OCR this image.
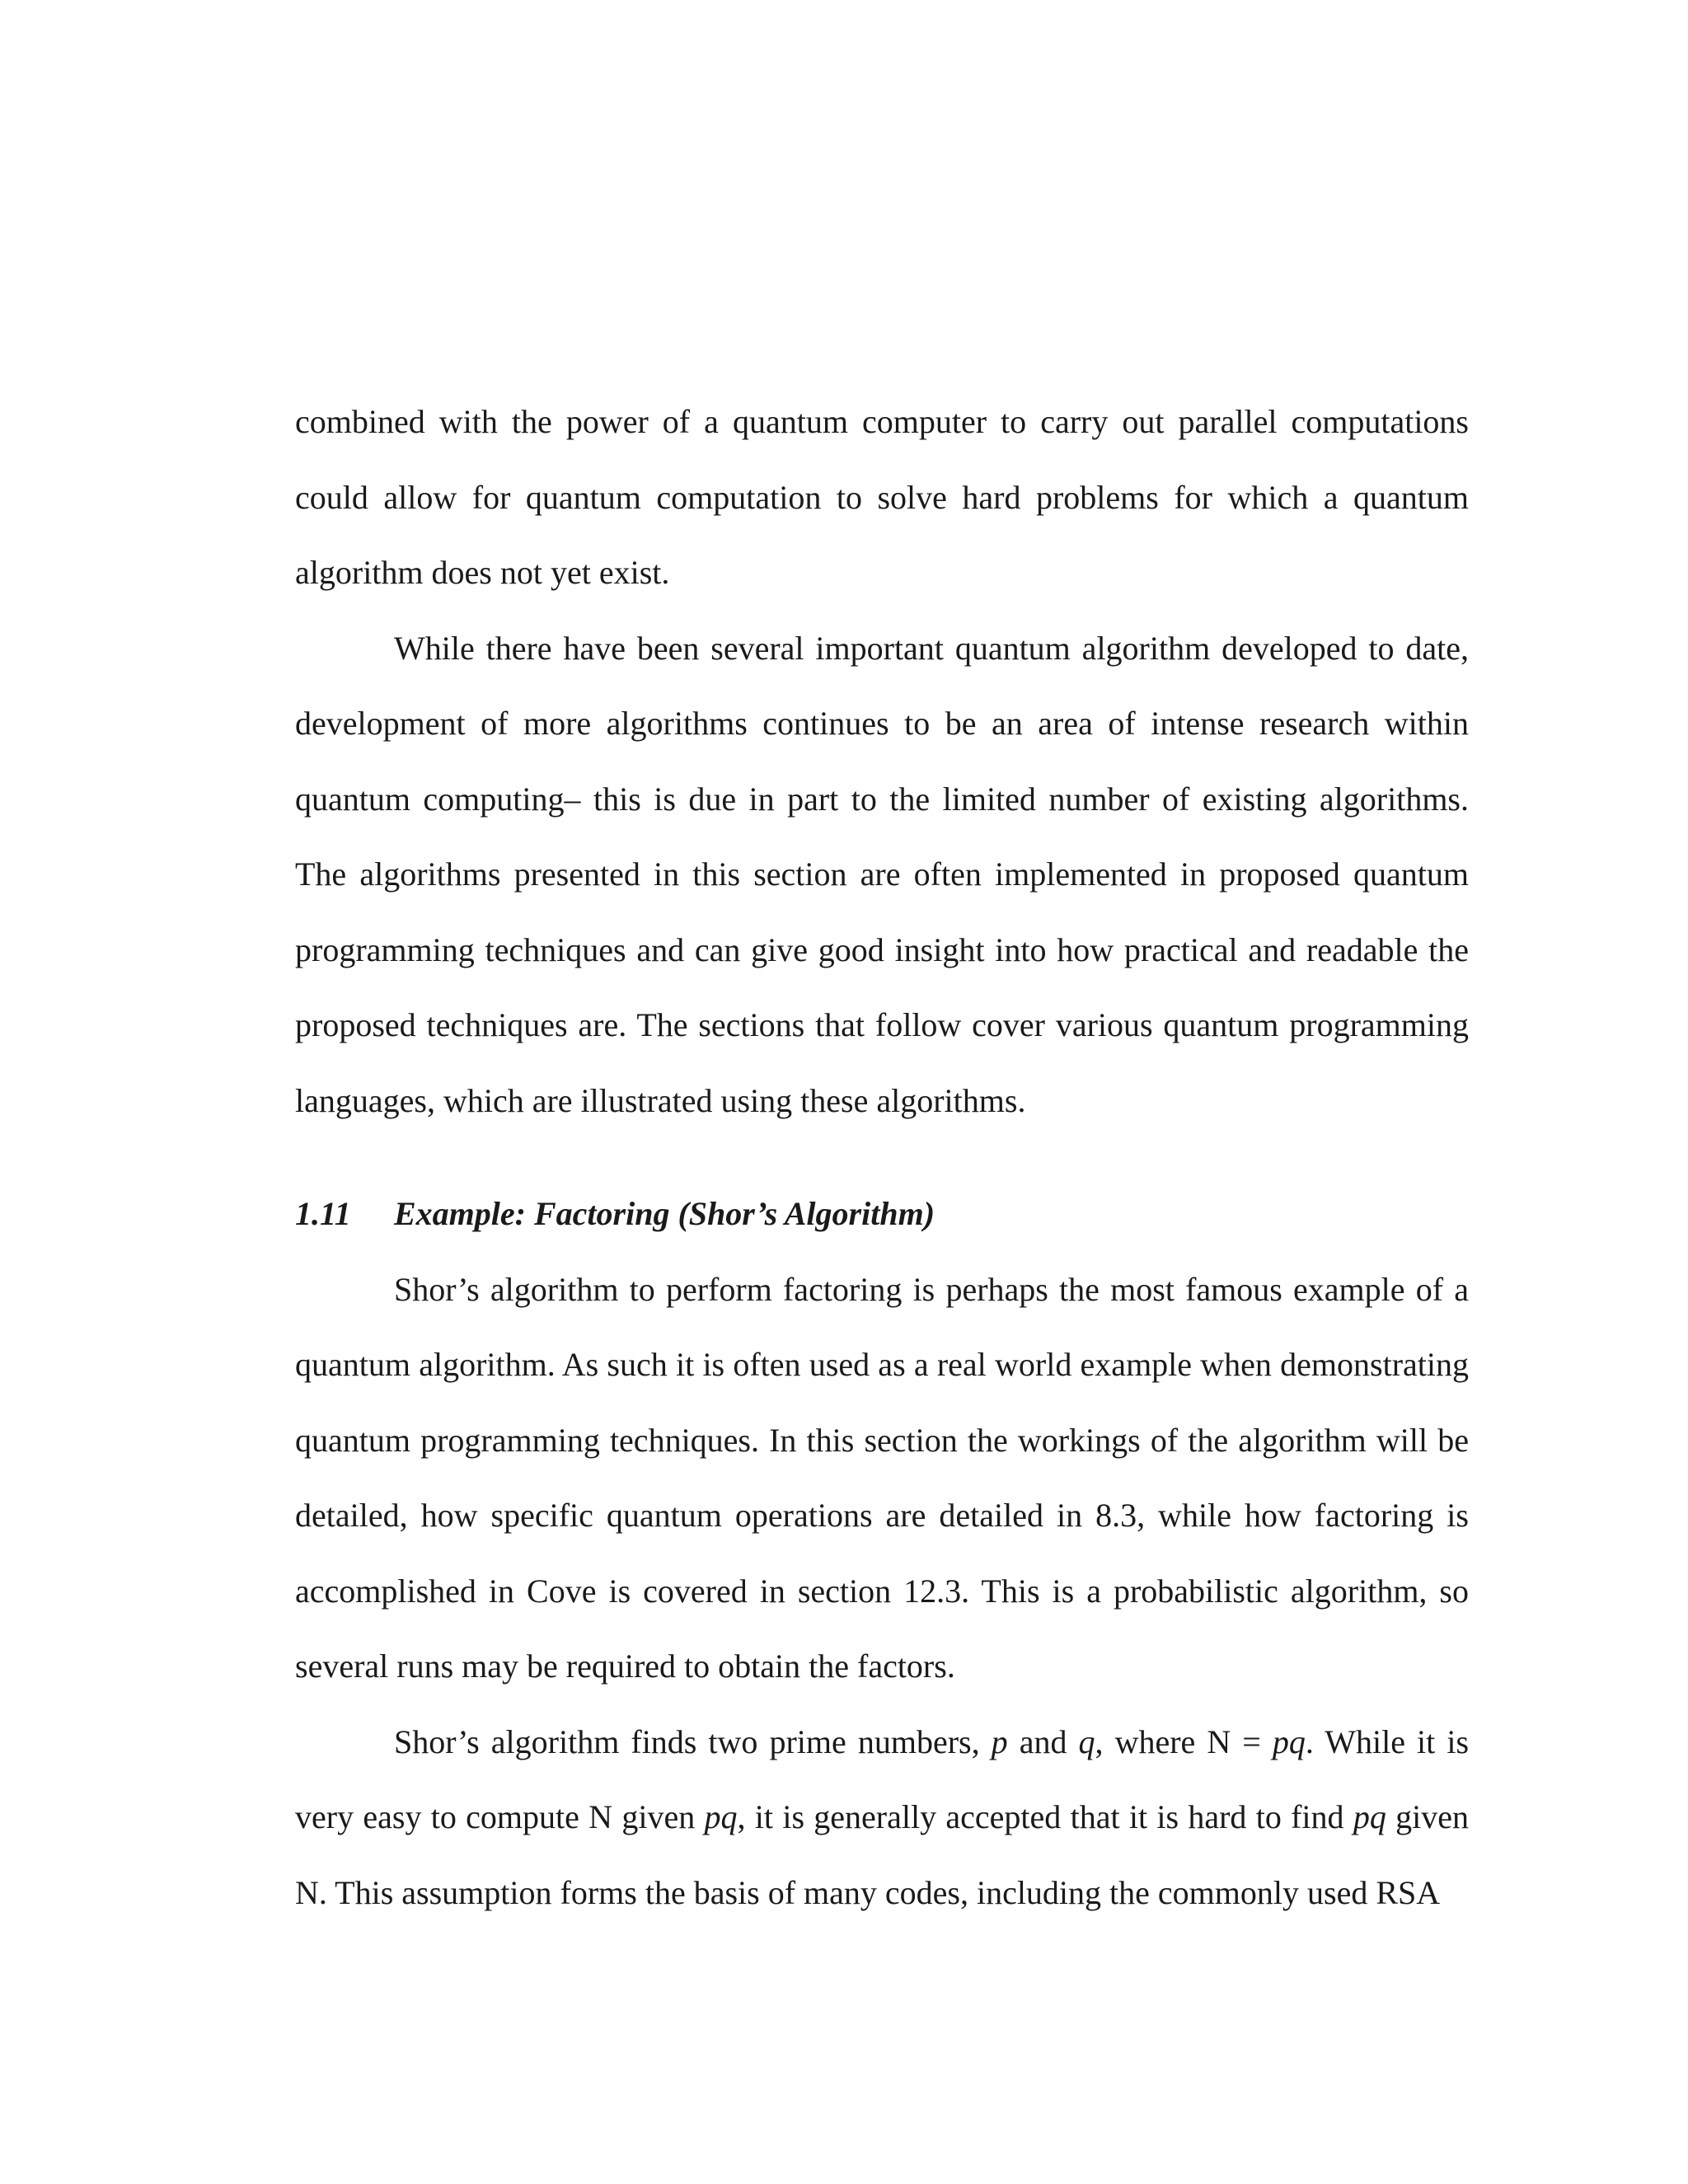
combined with the power of a quantum computer to carry out parallel computations could allow for quantum computation to solve hard problems for which a quantum algorithm does not yet exist.

While there have been several important quantum algorithm developed to date, development of more algorithms continues to be an area of intense research within quantum computing– this is due in part to the limited number of existing algorithms. The algorithms presented in this section are often implemented in proposed quantum programming techniques and can give good insight into how practical and readable the proposed techniques are. The sections that follow cover various quantum programming languages, which are illustrated using these algorithms.

1.11	Example: Factoring (Shor’s Algorithm)

Shor’s algorithm to perform factoring is perhaps the most famous example of a quantum algorithm. As such it is often used as a real world example when demonstrating quantum programming techniques. In this section the workings of the algorithm will be detailed, how specific quantum operations are detailed in 8.3, while how factoring is accomplished in Cove is covered in section 12.3. This is a probabilistic algorithm, so several runs may be required to obtain the factors.

Shor’s algorithm finds two prime numbers, p and q, where N = pq. While it is very easy to compute N given pq, it is generally accepted that it is hard to find pq given N. This assumption forms the basis of many codes, including the commonly used RSA
